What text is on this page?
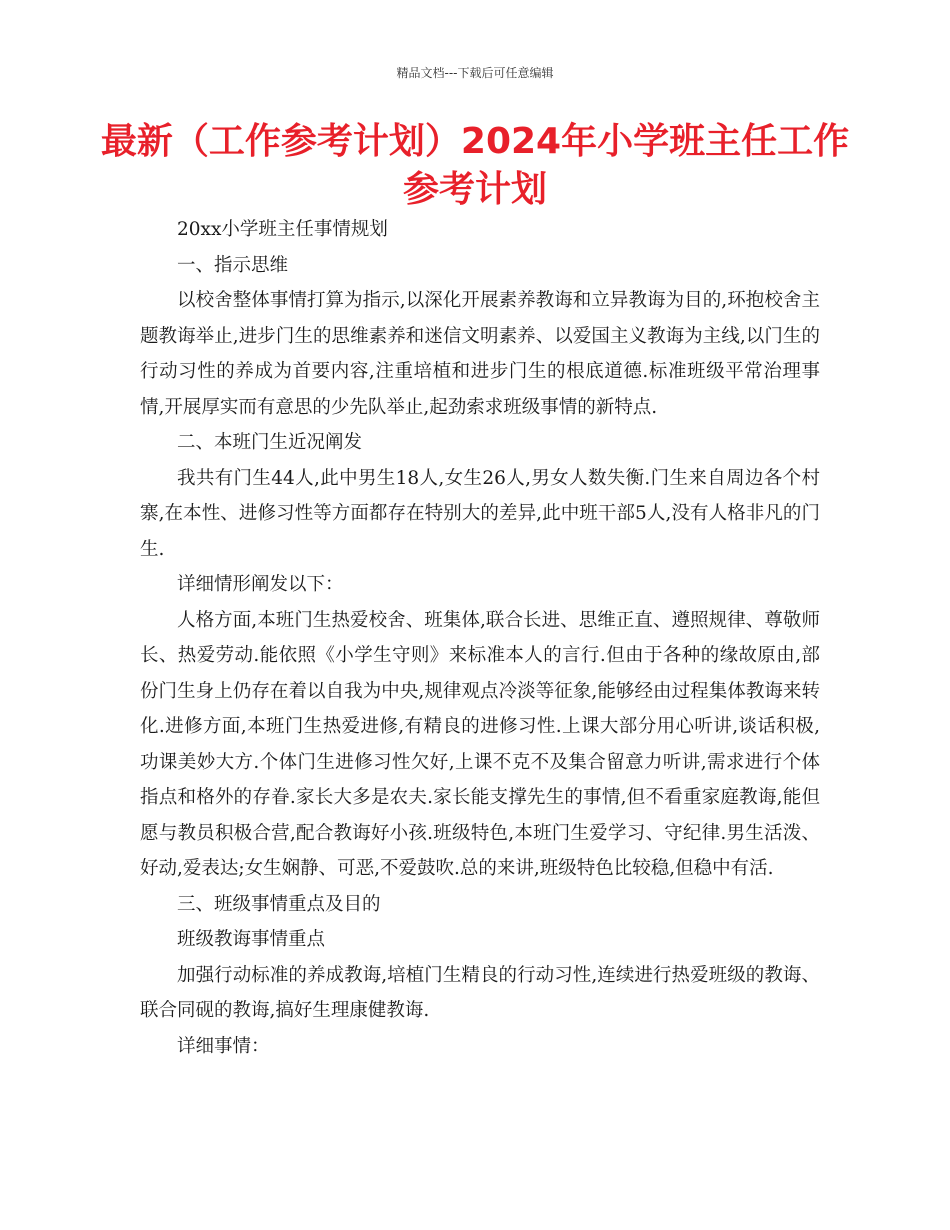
精品文档---下载后可任意编辑
最新（工作参考计划）2024年小学班主任工作参考计划

20xx小学班主任事情规划

一、指示思维

以校舍整体事情打算为指示,以深化开展素养教诲和立异教诲为目的,环抱校舍主题教诲举止,进步门生的思维素养和迷信文明素养、以爱国主义教诲为主线,以门生的行动习性的养成为首要内容,注重培植和进步门生的根底道德.标准班级平常治理事情,开展厚实而有意思的少先队举止,起劲索求班级事情的新特点.

二、本班门生近况阐发

我共有门生44人,此中男生18人,女生26人,男女人数失衡.门生来自周边各个村寨,在本性、进修习性等方面都存在特别大的差异,此中班干部5人,没有人格非凡的门生.

详细情形阐发以下：

人格方面,本班门生热爱校舍、班集体,联合长进、思维正直、遵照规律、尊敬师长、热爱劳动.能依照《小学生守则》来标准本人的言行.但由于各种的缘故原由,部份门生身上仍存在着以自我为中央,规律观点冷淡等征象,能够经由过程集体教诲来转化.进修方面,本班门生热爱进修,有精良的进修习性.上课大部分用心听讲,谈话积极,功课美妙大方.个体门生进修习性欠好,上课不克不及集合留意力听讲,需求进行个体指点和格外的存眷.家长大多是农夫.家长能支撑先生的事情,但不看重家庭教诲,能但愿与教员积极合营,配合教诲好小孩.班级特色,本班门生爱学习、守纪律.男生活泼、好动,爱表达;女生娴静、可恶,不爱鼓吹.总的来讲,班级特色比较稳,但稳中有活.

三、班级事情重点及目的

班级教诲事情重点

加强行动标准的养成教诲,培植门生精良的行动习性,连续进行热爱班级的教诲、联合同砚的教诲,搞好生理康健教诲.

详细事情：
